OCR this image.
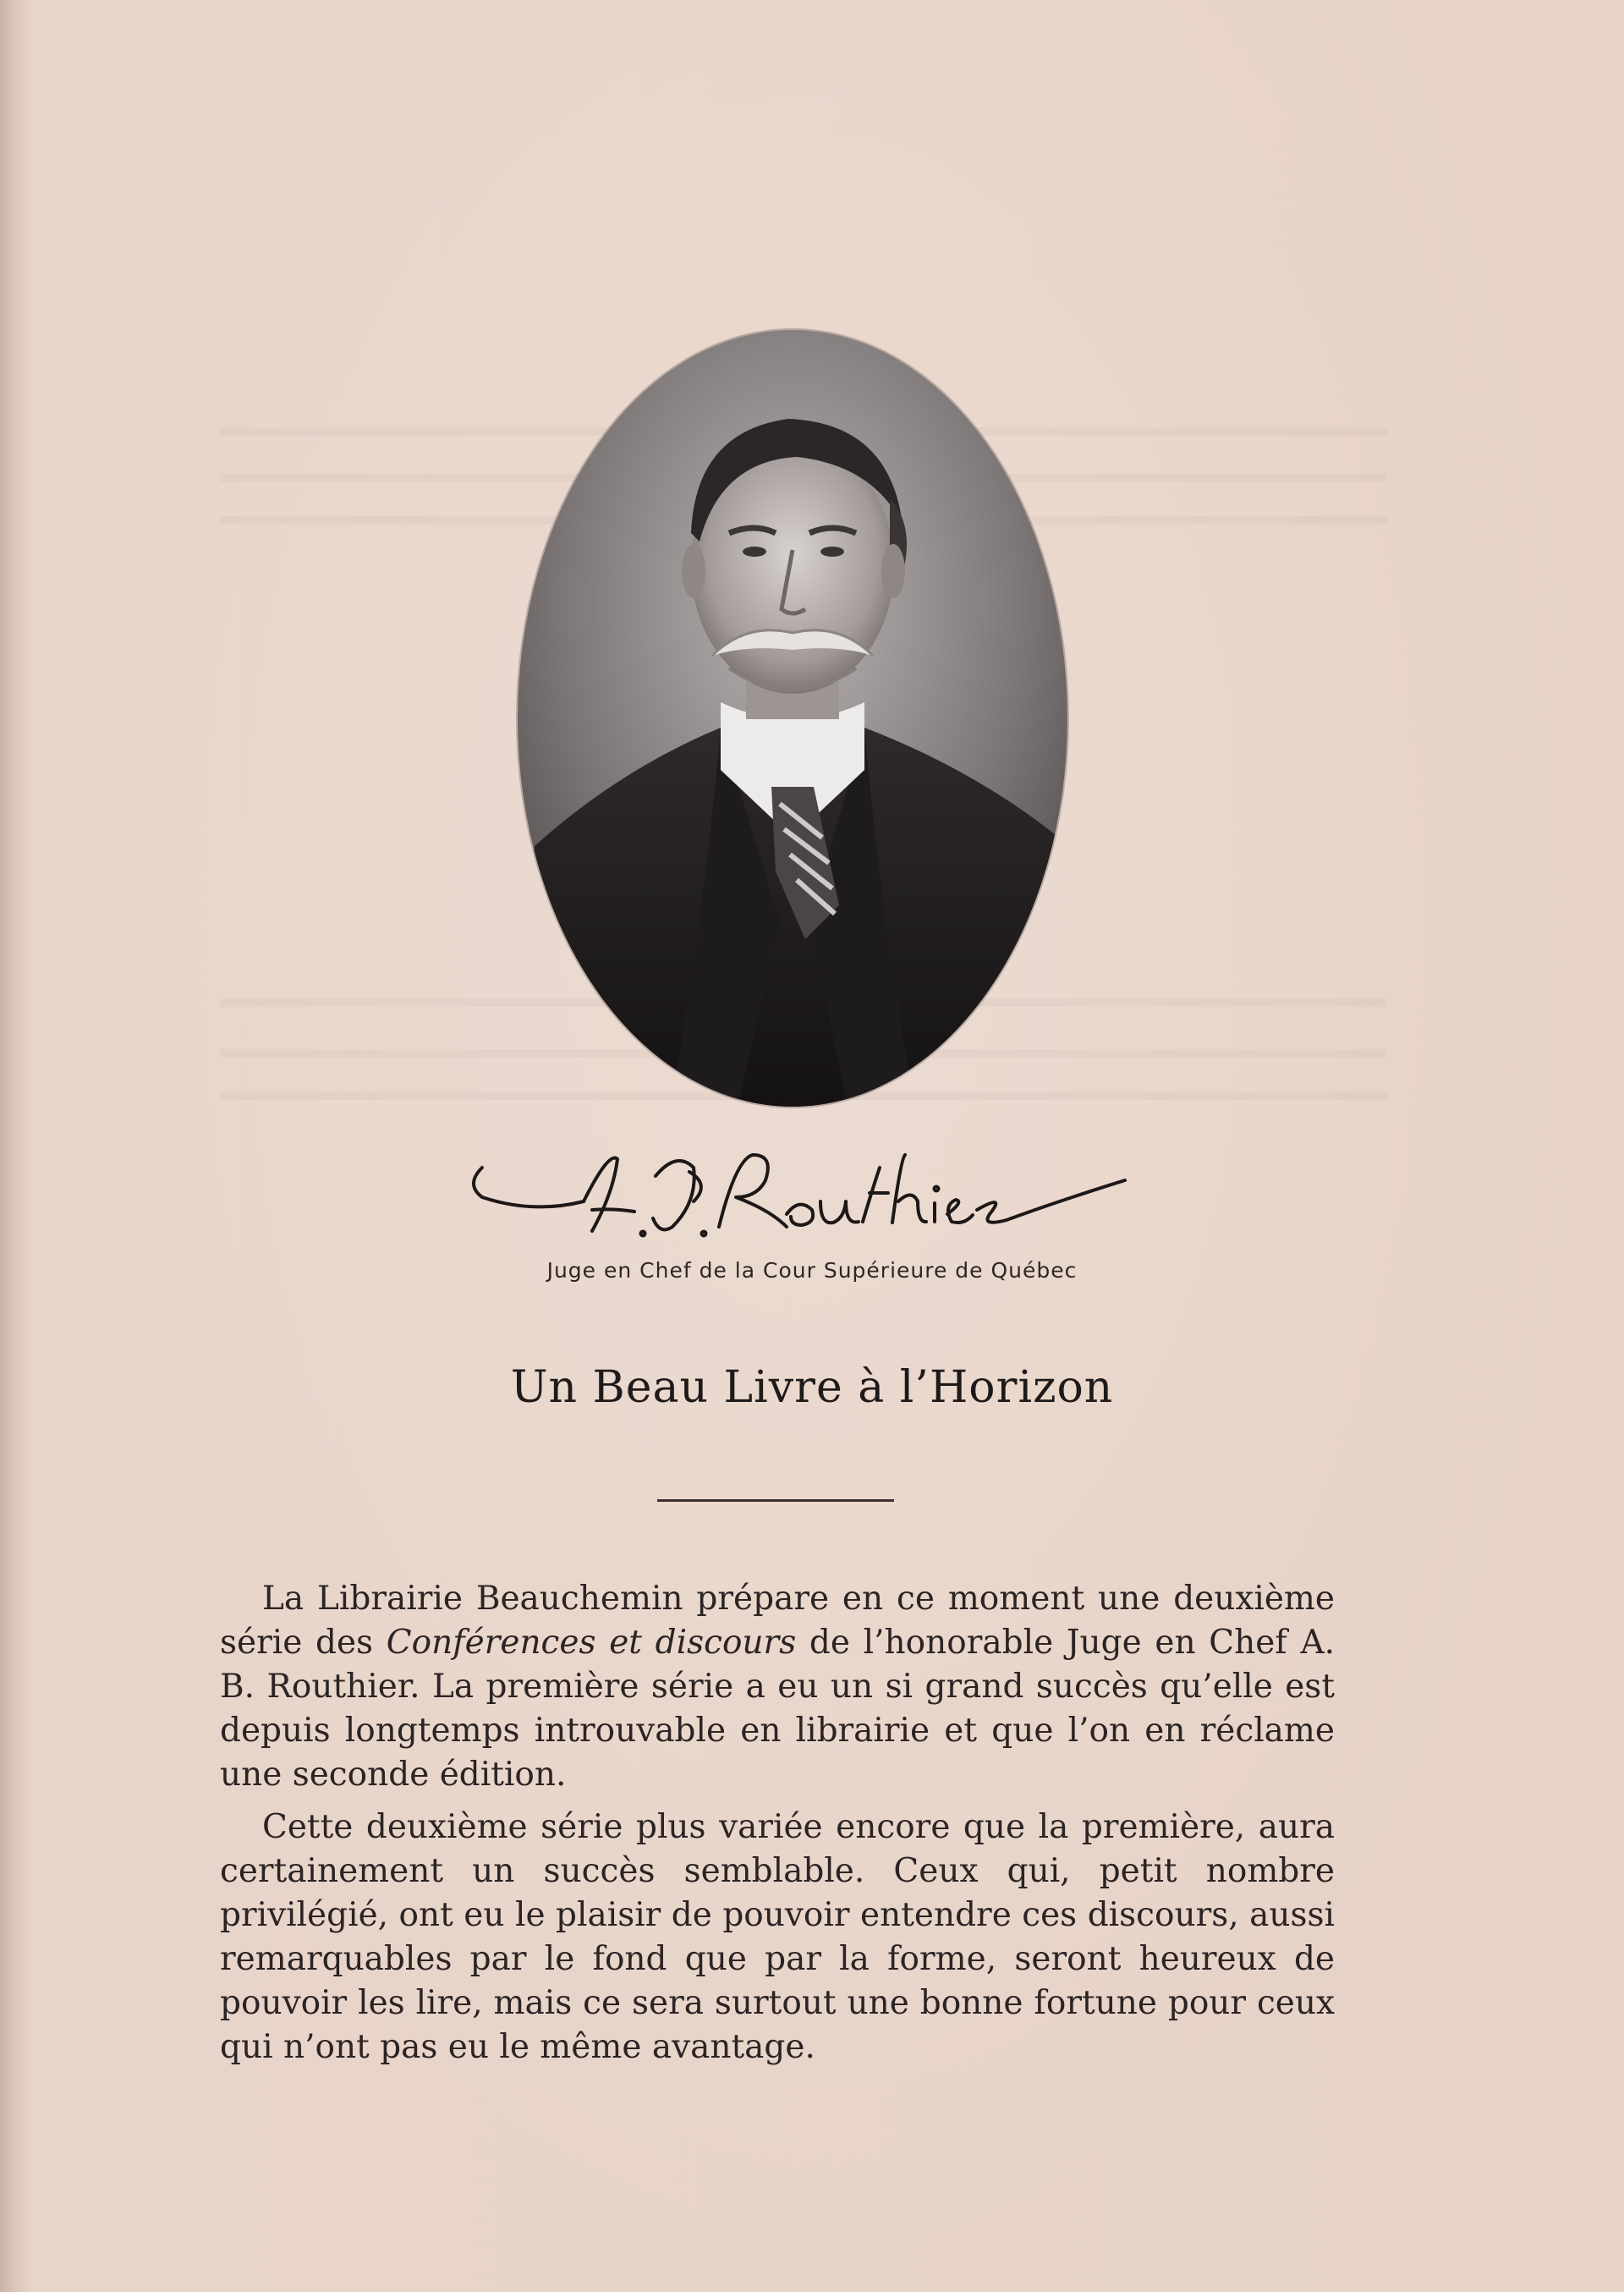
Juge en Chef de la Cour Supérieure de Québec
Un Beau Livre à l’Horizon

La Librairie Beauchemin prépare en ce moment une deuxième série des Conférences et discours de l’honorable Juge en Chef A. B. Routhier. La première série a eu un si grand succès qu’elle est depuis longtemps introuvable en librairie et que l’on en réclame une seconde édition.

Cette deuxième série plus variée encore que la première, aura certainement un succès semblable. Ceux qui, petit nombre privilégié, ont eu le plaisir de pouvoir entendre ces discours, aussi remarquables par le fond que par la forme, seront heureux de pouvoir les lire, mais ce sera surtout une bonne fortune pour ceux qui n’ont pas eu le même avantage.
